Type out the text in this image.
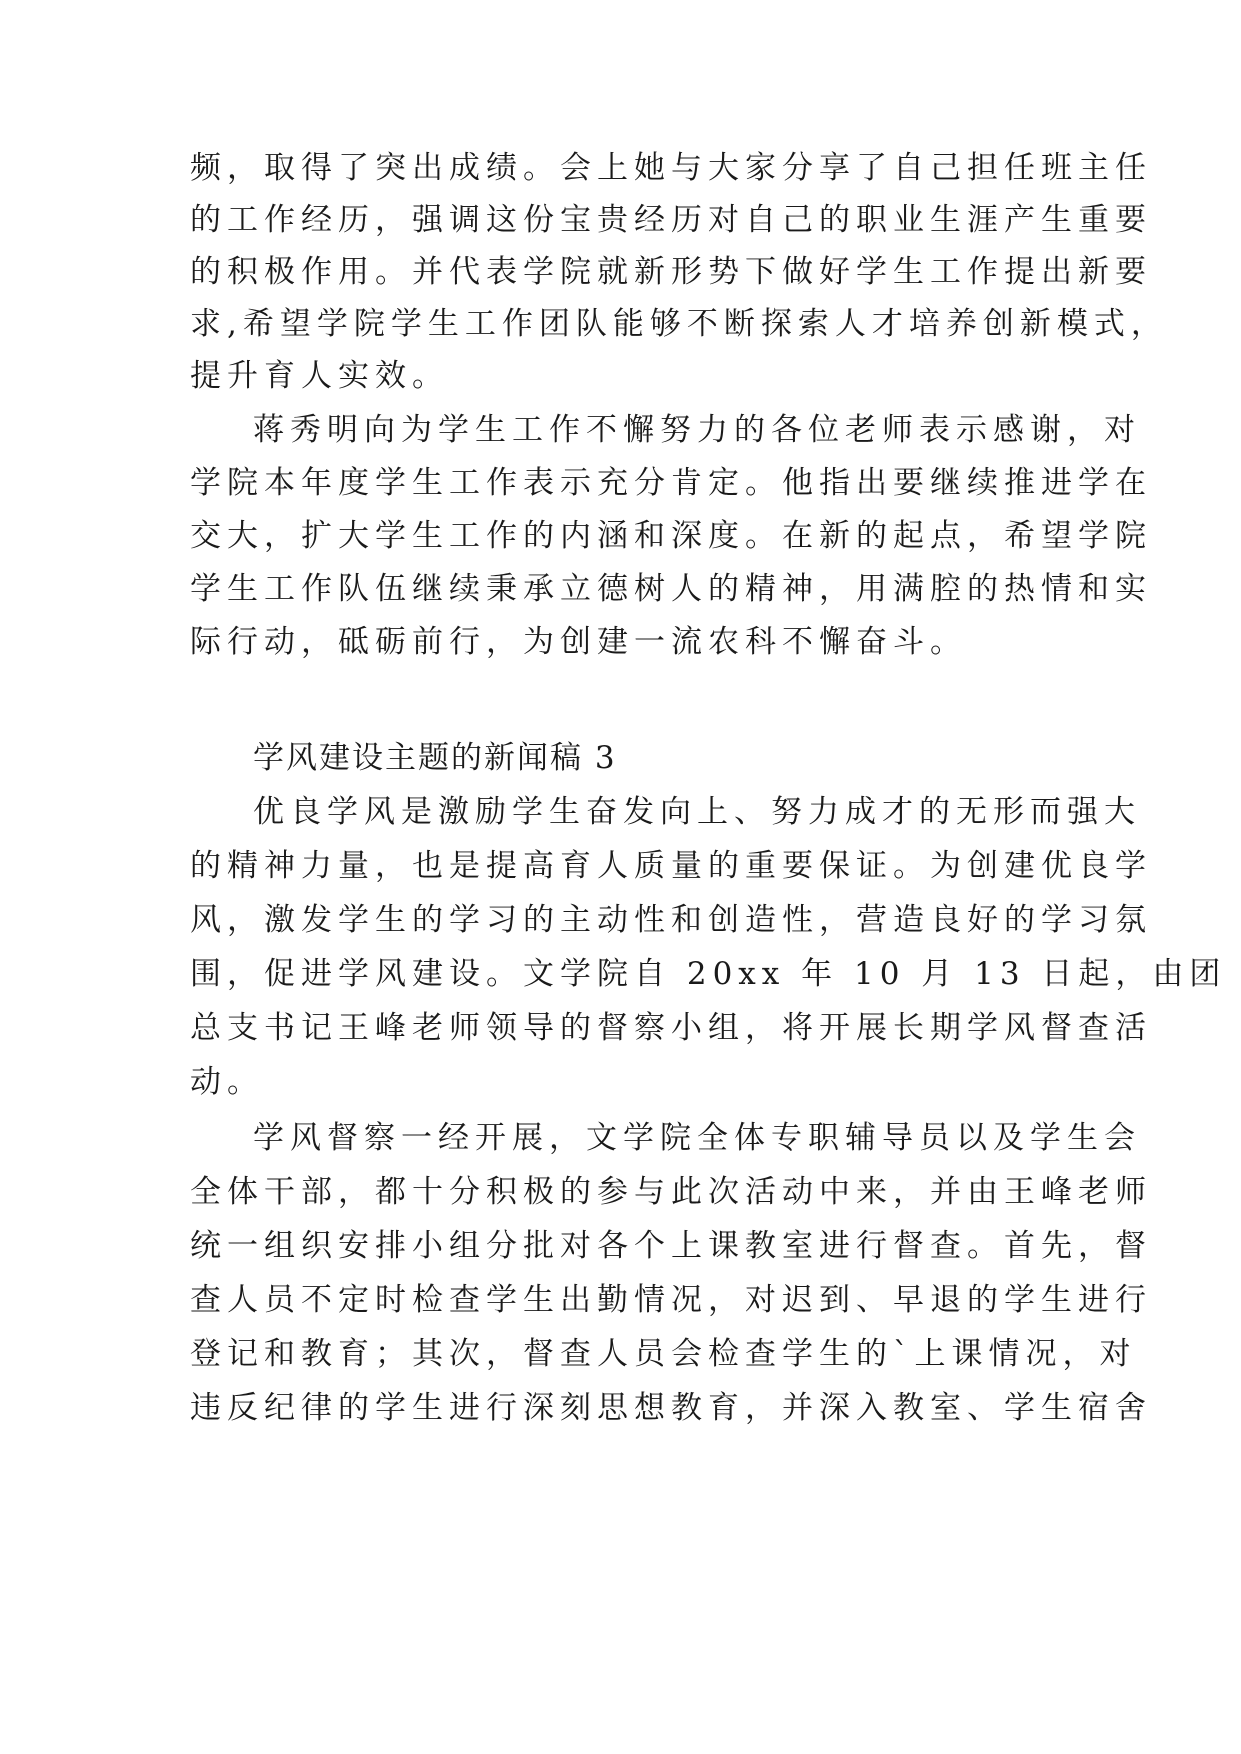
频，取得了突出成绩。会上她与大家分享了自己担任班主任
的工作经历，强调这份宝贵经历对自己的职业生涯产生重要
的积极作用。并代表学院就新形势下做好学生工作提出新要
求,希望学院学生工作团队能够不断探索人才培养创新模式，
提升育人实效。
蒋秀明向为学生工作不懈努力的各位老师表示感谢，对
学院本年度学生工作表示充分肯定。他指出要继续推进学在
交大，扩大学生工作的内涵和深度。在新的起点，希望学院
学生工作队伍继续秉承立德树人的精神，用满腔的热情和实
际行动，砥砺前行，为创建一流农科不懈奋斗。
学风建设主题的新闻稿 3
优良学风是激励学生奋发向上、努力成才的无形而强大
的精神力量，也是提高育人质量的重要保证。为创建优良学
风，激发学生的学习的主动性和创造性，营造良好的学习氛
围，促进学风建设。文学院自 20xx 年 10 月 13 日起，由团
总支书记王峰老师领导的督察小组，将开展长期学风督查活
动。
学风督察一经开展，文学院全体专职辅导员以及学生会
全体干部，都十分积极的参与此次活动中来，并由王峰老师
统一组织安排小组分批对各个上课教室进行督查。首先，督
查人员不定时检查学生出勤情况，对迟到、早退的学生进行
登记和教育；其次，督查人员会检查学生的`上课情况，对
违反纪律的学生进行深刻思想教育，并深入教室、学生宿舍
